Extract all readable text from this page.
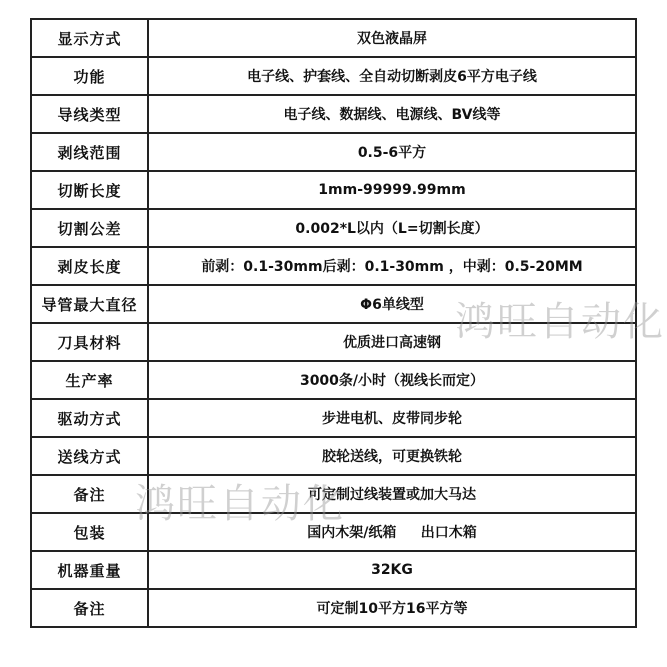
显示方式	双色液晶屏
功能	电子线、护套线、全自动切断剥皮6平方电子线
导线类型	电子线、数据线、电源线、BV线等
剥线范围	0.5-6平方
切断长度	1mm-99999.99mm
切割公差	0.002*L以内（L=切割长度）
剥皮长度	前剥：0.1-30mm后剥：0.1-30mm ，中剥：0.5-20MM
导管最大直径	Φ6单线型
刀具材料	优质进口高速钢
生产率	3000条/小时（视线长而定）
驱动方式	步进电机、皮带同步轮
送线方式	胶轮送线，可更换铁轮
备注	可定制过线装置或加大马达
包装	国内木架/纸箱     出口木箱
机器重量	32KG
备注	可定制10平方16平方等
鸿旺自动化
鸿旺自动化
